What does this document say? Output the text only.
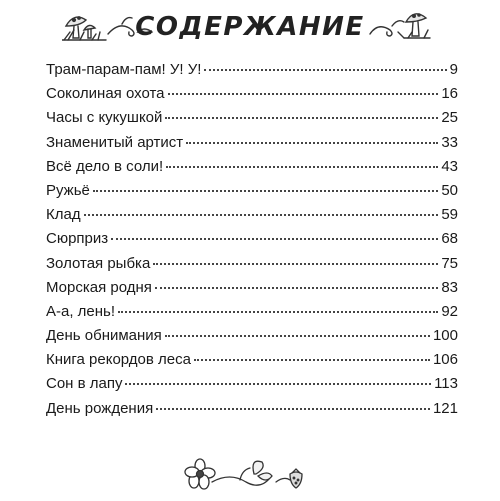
СОДЕРЖАНИЕ
Трам-парам-пам! У! У!	9
Соколиная охота	16
Часы с кукушкой	25
Знаменитый артист	33
Всё дело в соли!	43
Ружьё	50
Клад	59
Сюрприз	68
Золотая рыбка	75
Морская родня	83
А-а, лень!	92
День обнимания	100
Книга рекордов леса	106
Сон в лапу	113
День рождения	121
